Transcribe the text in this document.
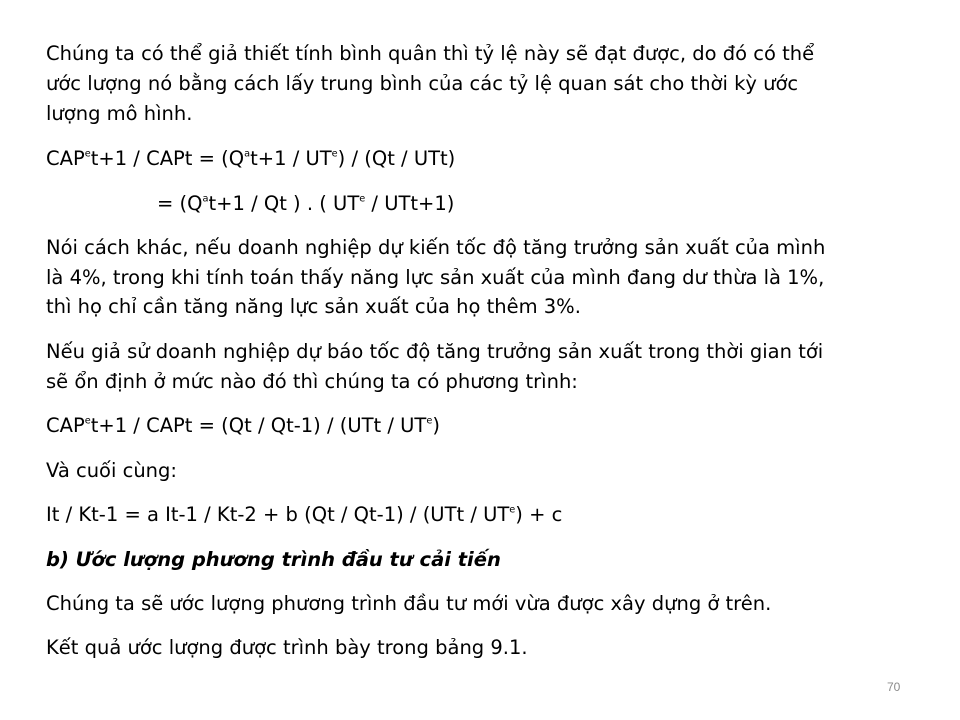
Chúng ta có thể giả thiết tính bình quân thì tỷ lệ này sẽ đạt được, do đó có thể
ước lượng nó bằng cách lấy trung bình của các tỷ lệ quan sát cho thời kỳ ước
lượng mô hình.
$CAP^et+1$ / CAPt = $(Q^at+1 / UT^e) / (Qt / UTt)$
= ($Q^at+1 / Qt$ ) . ( $UT^e / UTt+1$)
Nói cách khác, nếu doanh nghiệp dự kiến tốc độ tăng trưởng sản xuất của mình
là 4%, trong khi tính toán thấy năng lực sản xuất của mình đang dư thừa là 1%,
thì họ chỉ cần tăng năng lực sản xuất của họ thêm 3%.
Nếu giả sử doanh nghiệp dự báo tốc độ tăng trưởng sản xuất trong thời gian tới
sẽ ổn định ở mức nào đó thì chúng ta có phương trình:
$CAP^et+1$ / CAPt = $(Qt / Qt-1) / (UTt / UT^e)$
Và cuối cùng:
It / Kt-1 = a It-1 / Kt-2 + b $(Qt / Qt-1) / (UTt / UT^e) + c$
b) Ước lượng phương trình đầu tư cải tiến
Chúng ta sẽ ước lượng phương trình đầu tư mới vừa được xây dựng ở trên.
Kết quả ước lượng được trình bày trong bảng 9.1.
70
